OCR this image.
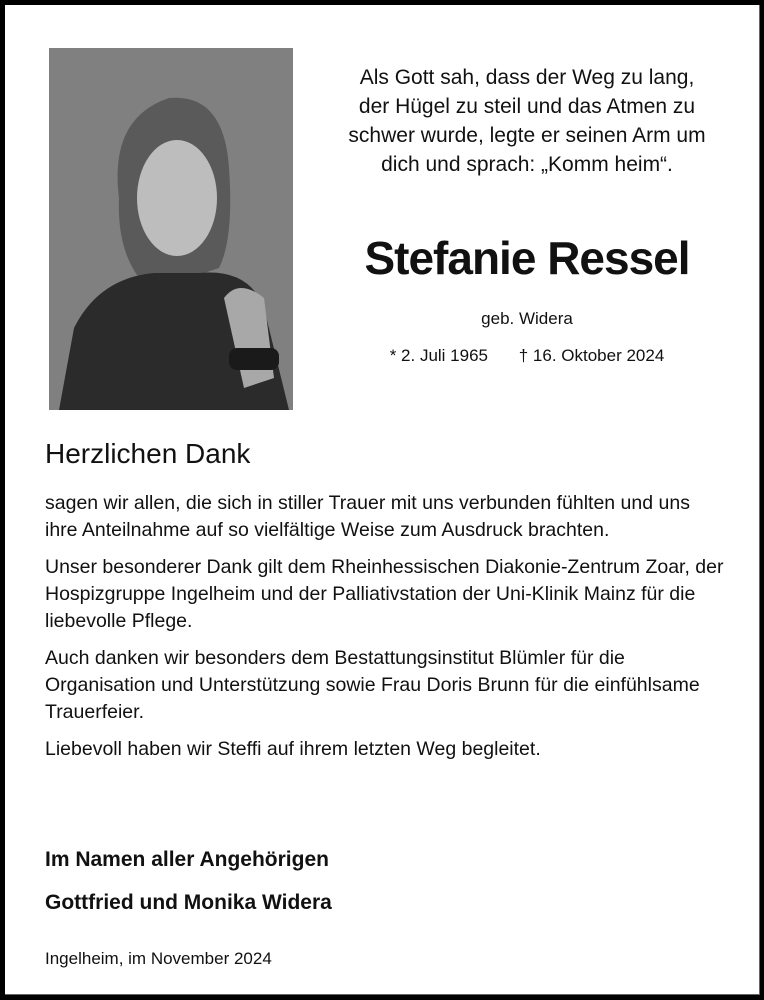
Als Gott sah, dass der Weg zu lang,
der Hügel zu steil und das Atmen zu
schwer wurde, legte er seinen Arm um
dich und sprach: „Komm heim“.
Stefanie Ressel
geb. Widera
* 2. Juli 1965 † 16. Oktober 2024
Herzlichen Dank

sagen wir allen, die sich in stiller Trauer mit uns verbunden fühlten und uns ihre Anteilnahme auf so vielfältige Weise zum Ausdruck brachten.

Unser besonderer Dank gilt dem Rheinhessischen Diakonie-Zentrum Zoar, der Hospizgruppe Ingelheim und der Palliativstation der Uni-Klinik Mainz für die liebevolle Pflege.

Auch danken wir besonders dem Bestattungsinstitut Blümler für die Organisation und Unterstützung sowie Frau Doris Brunn für die einfühlsame Trauerfeier.

Liebevoll haben wir Steffi auf ihrem letzten Weg begleitet.

Im Namen aller Angehörigen
Gottfried und Monika Widera
Ingelheim, im November 2024
